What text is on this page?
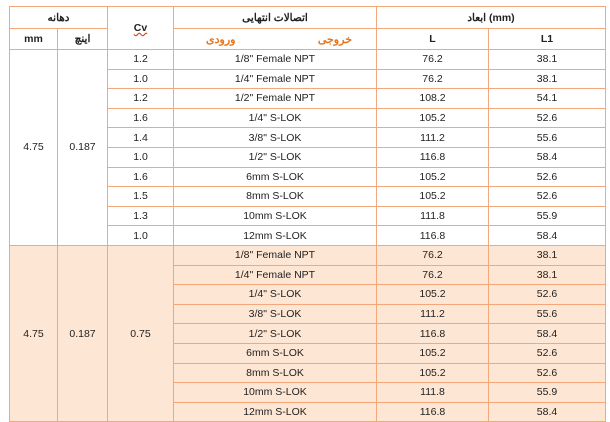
دهانه		Cv	اتصالات انتهایی	ابعاد (mm)	
mm	اینچ		ورودی خروجی	L	L1
4.75	0.187	1.2	1/8" Female NPT	76.2	38.1
		1.0	1/4" Female NPT	76.2	38.1
		1.2	1/2" Female NPT	108.2	54.1
		1.6	1/4" S-LOK	105.2	52.6
		1.4	3/8" S-LOK	111.2	55.6
		1.0	1/2" S-LOK	116.8	58.4
		1.6	6mm S-LOK	105.2	52.6
		1.5	8mm S-LOK	105.2	52.6
		1.3	10mm S-LOK	111.8	55.9
		1.0	12mm S-LOK	116.8	58.4
4.75	0.187	0.75	1/8" Female NPT	76.2	38.1
			1/4" Female NPT	76.2	38.1
			1/4" S-LOK	105.2	52.6
			3/8" S-LOK	111.2	55.6
			1/2" S-LOK	116.8	58.4
			6mm S-LOK	105.2	52.6
			8mm S-LOK	105.2	52.6
			10mm S-LOK	111.8	55.9
			12mm S-LOK	116.8	58.4
